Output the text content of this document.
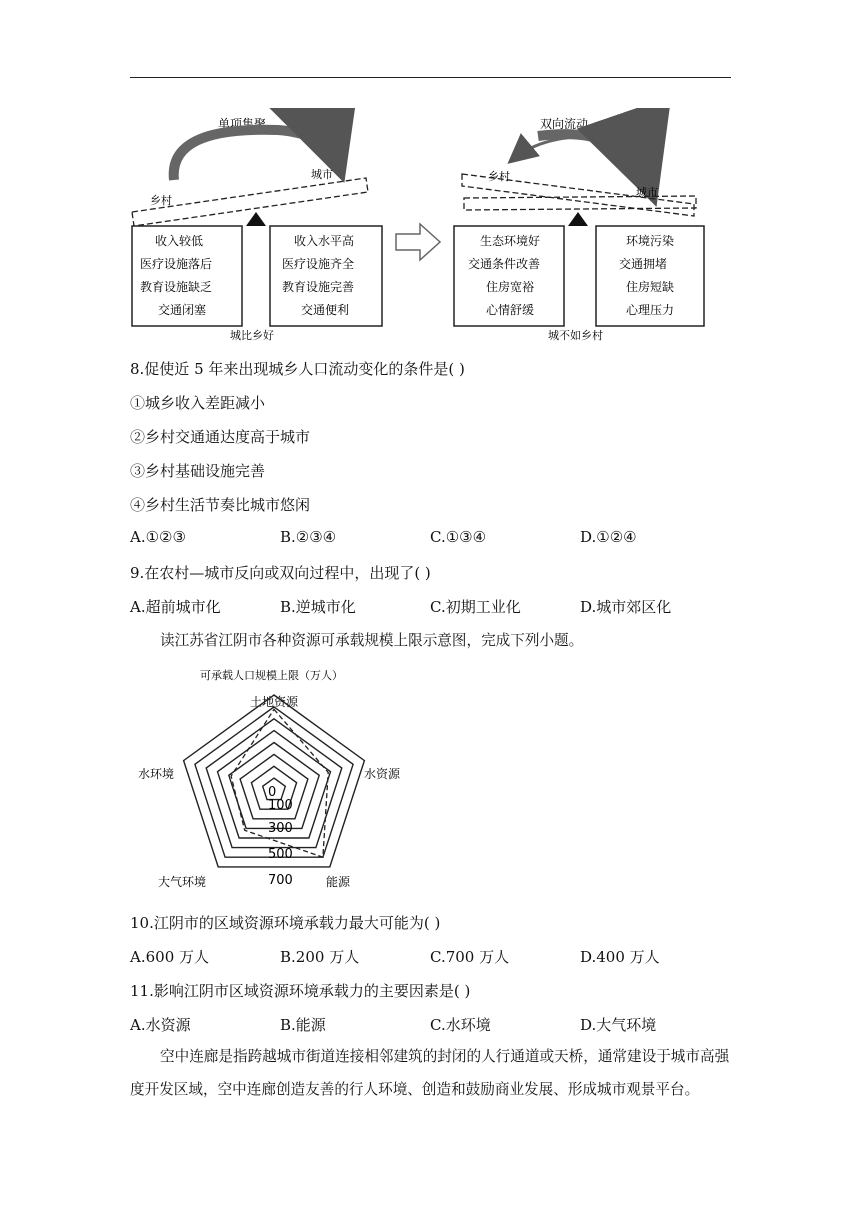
单项集聚
城市
乡村
收入较低
医疗设施落后
教育设施缺乏
交通闭塞
收入水平高
医疗设施齐全
教育设施完善
交通便利
城比乡好
双向流动
乡村
城市
生态环境好
交通条件改善
住房宽裕
心情舒缓
环境污染
交通拥堵
住房短缺
心理压力
城不如乡村
8.促使近 5 年来出现城乡人口流动变化的条件是( )
①城乡收入差距减小
②乡村交通通达度高于城市
③乡村基础设施完善
④乡村生活节奏比城市悠闲
A.①②③	B.②③④	C.①③④	D.①②④
9.在农村—城市反向或双向过程中，出现了( )
A.超前城市化	B.逆城市化	C.初期工业化	D.城市郊区化
读江苏省江阴市各种资源可承载规模上限示意图，完成下列小题。
可承载人口规模上限（万人）
土地资源
水资源
能源
大气环境
水环境
0
100
300
500
700
10.江阴市的区域资源环境承载力最大可能为( )
A.600 万人	B.200 万人	C.700 万人	D.400 万人
11.影响江阴市区域资源环境承载力的主要因素是( )
A.水资源	B.能源	C.水环境	D.大气环境
空中连廊是指跨越城市街道连接相邻建筑的封闭的人行通道或天桥，通常建设于城市高强度开发区域，空中连廊创造友善的行人环境、创造和鼓励商业发展、形成城市观景平台。
